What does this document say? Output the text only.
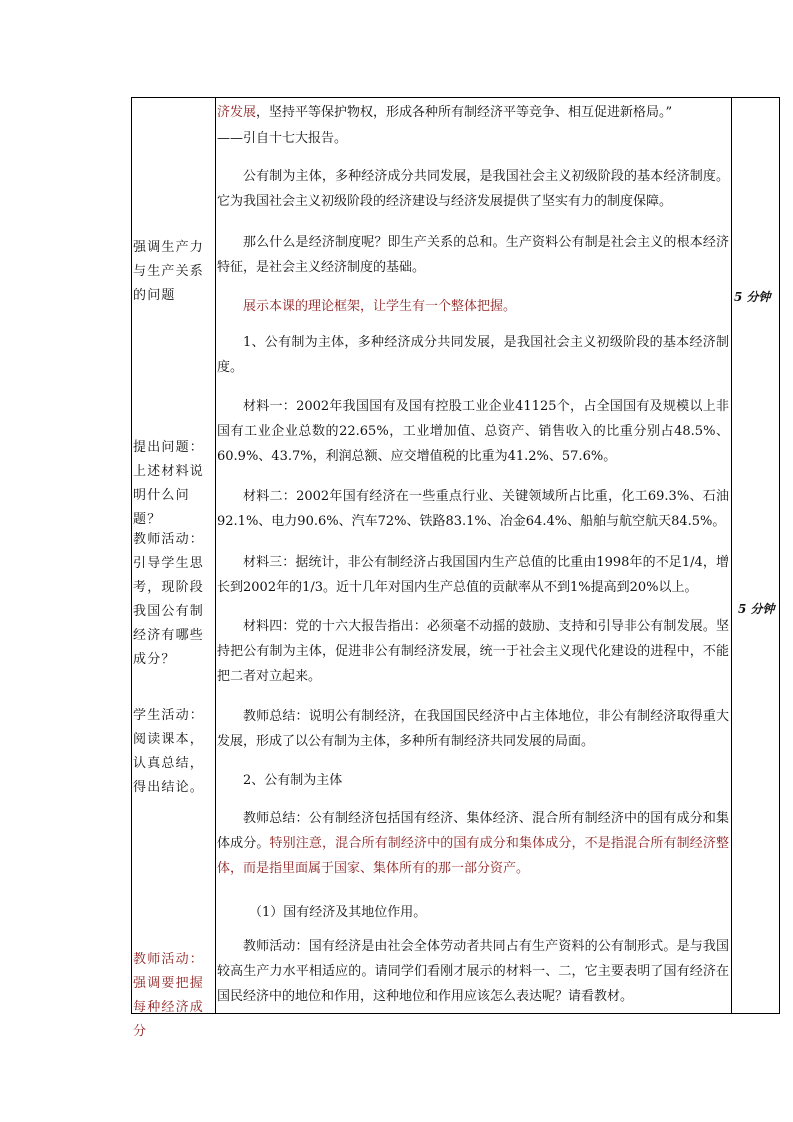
强调生产力与生产关系的问题
提出问题：上述材料说明什么问题？
教师活动：引导学生思考，现阶段我国公有制经济有哪些成分？
学生活动：阅读课本，认真总结，得出结论。
教师活动：强调要把握每种经济成分

济发展，坚持平等保护物权，形成各种所有制经济平等竞争、相互促进新格局。”

——引自十七大报告。

公有制为主体，多种经济成分共同发展，是我国社会主义初级阶段的基本经济制度。它为我国社会主义初级阶段的经济建设与经济发展提供了坚实有力的制度保障。

那么什么是经济制度呢？即生产关系的总和。生产资料公有制是社会主义的根本经济特征，是社会主义经济制度的基础。

展示本课的理论框架，让学生有一个整体把握。

1、公有制为主体，多种经济成分共同发展，是我国社会主义初级阶段的基本经济制度。

材料一：2002年我国国有及国有控股工业企业41125个，占全国国有及规模以上非国有工业企业总数的22.65%，工业增加值、总资产、销售收入的比重分别占48.5%、60.9%、43.7%，利润总额、应交增值税的比重为41.2%、57.6%。

材料二：2002年国有经济在一些重点行业、关键领域所占比重，化工69.3%、石油92.1%、电力90.6%、汽车72%、铁路83.1%、冶金64.4%、船舶与航空航天84.5%。

材料三：据统计，非公有制经济占我国国内生产总值的比重由1998年的不足1/4，增长到2002年的1/3。近十几年对国内生产总值的贡献率从不到1%提高到20%以上。

材料四：党的十六大报告指出：必须毫不动摇的鼓励、支持和引导非公有制发展。坚持把公有制为主体，促进非公有制经济发展，统一于社会主义现代化建设的进程中，不能把二者对立起来。

教师总结：说明公有制经济，在我国国民经济中占主体地位，非公有制经济取得重大发展，形成了以公有制为主体，多种所有制经济共同发展的局面。

2、公有制为主体

教师总结：公有制经济包括国有经济、集体经济、混合所有制经济中的国有成分和集体成分。特别注意，混合所有制经济中的国有成分和集体成分，不是指混合所有制经济整体，而是指里面属于国家、集体所有的那一部分资产。

（1）国有经济及其地位作用。

教师活动：国有经济是由社会全体劳动者共同占有生产资料的公有制形式。是与我国较高生产力水平相适应的。请同学们看刚才展示的材料一、二，它主要表明了国有经济在国民经济中的地位和作用，这种地位和作用应该怎么表达呢？请看教材。

5 分钟
5 分钟
